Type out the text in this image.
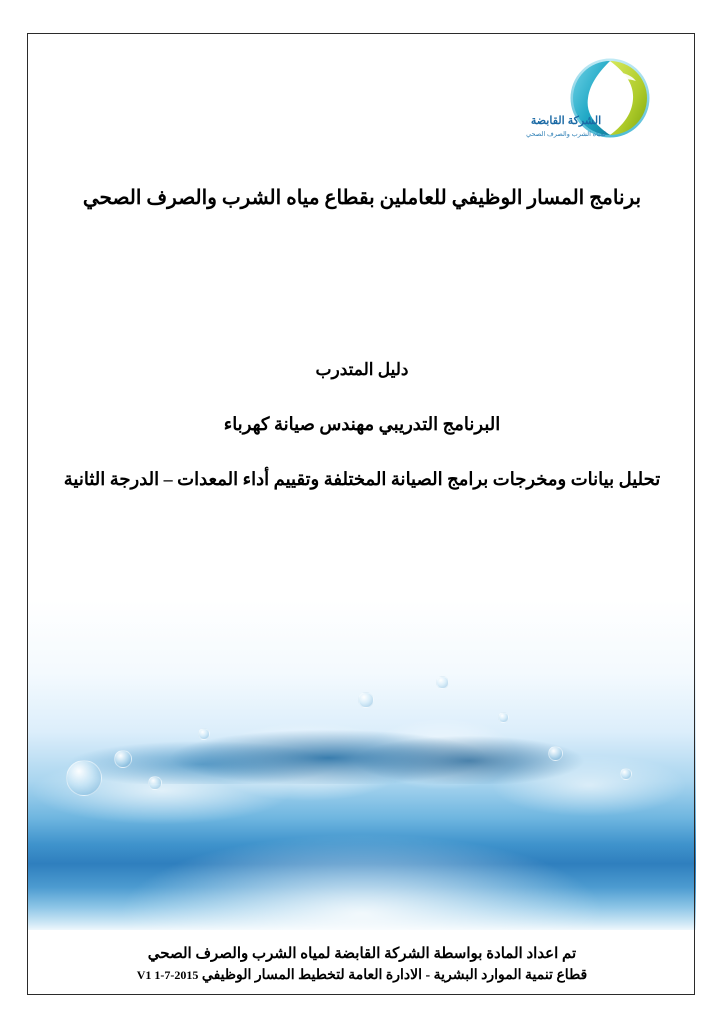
الشركة القابضة
لمياه الشرب والصرف الصحي
برنامج المسار الوظيفي للعاملين بقطاع مياه الشرب والصرف الصحي
دليل المتدرب
البرنامج التدريبي مهندس صيانة كهرباء
تحليل بيانات ومخرجات برامج الصيانة المختلفة وتقييم أداء المعدات – الدرجة الثانية
تم اعداد المادة بواسطة الشركة القابضة لمياه الشرب والصرف الصحي
قطاع تنمية الموارد البشرية - الادارة العامة لتخطيط المسار الوظيفي V1 1-7-2015
